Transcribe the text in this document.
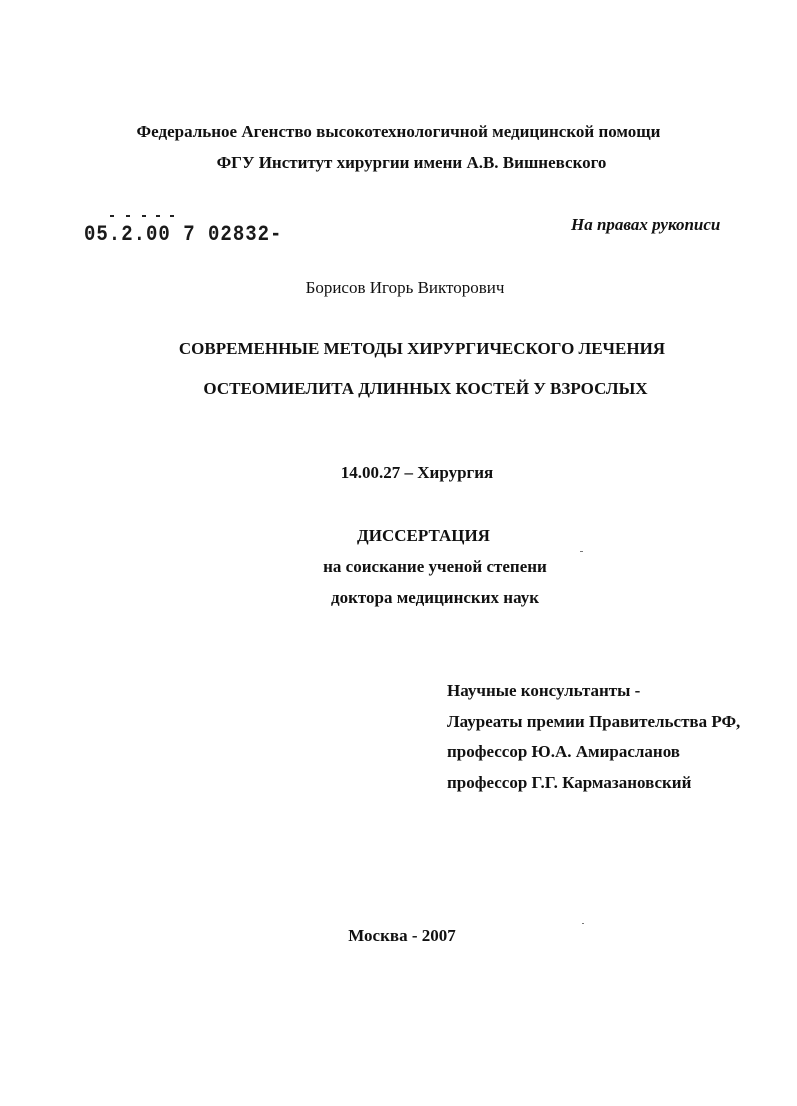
Федеральное Агенство высокотехнологичной медицинской помощи
ФГУ Институт хирургии имени А.В. Вишневского
05.2.00 7 02832-	На правах рукописи
Борисов Игорь Викторович
СОВРЕМЕННЫЕ МЕТОДЫ ХИРУРГИЧЕСКОГО ЛЕЧЕНИЯ
ОСТЕОМИЕЛИТА ДЛИННЫХ КОСТЕЙ У ВЗРОСЛЫХ
14.00.27 – Хирургия
ДИССЕРТАЦИЯ
на соискание ученой степени
доктора медицинских наук
Научные консультанты -
Лауреаты премии Правительства РФ,
профессор Ю.А. Амирасланов
профессор Г.Г. Кармазановский
Москва - 2007
